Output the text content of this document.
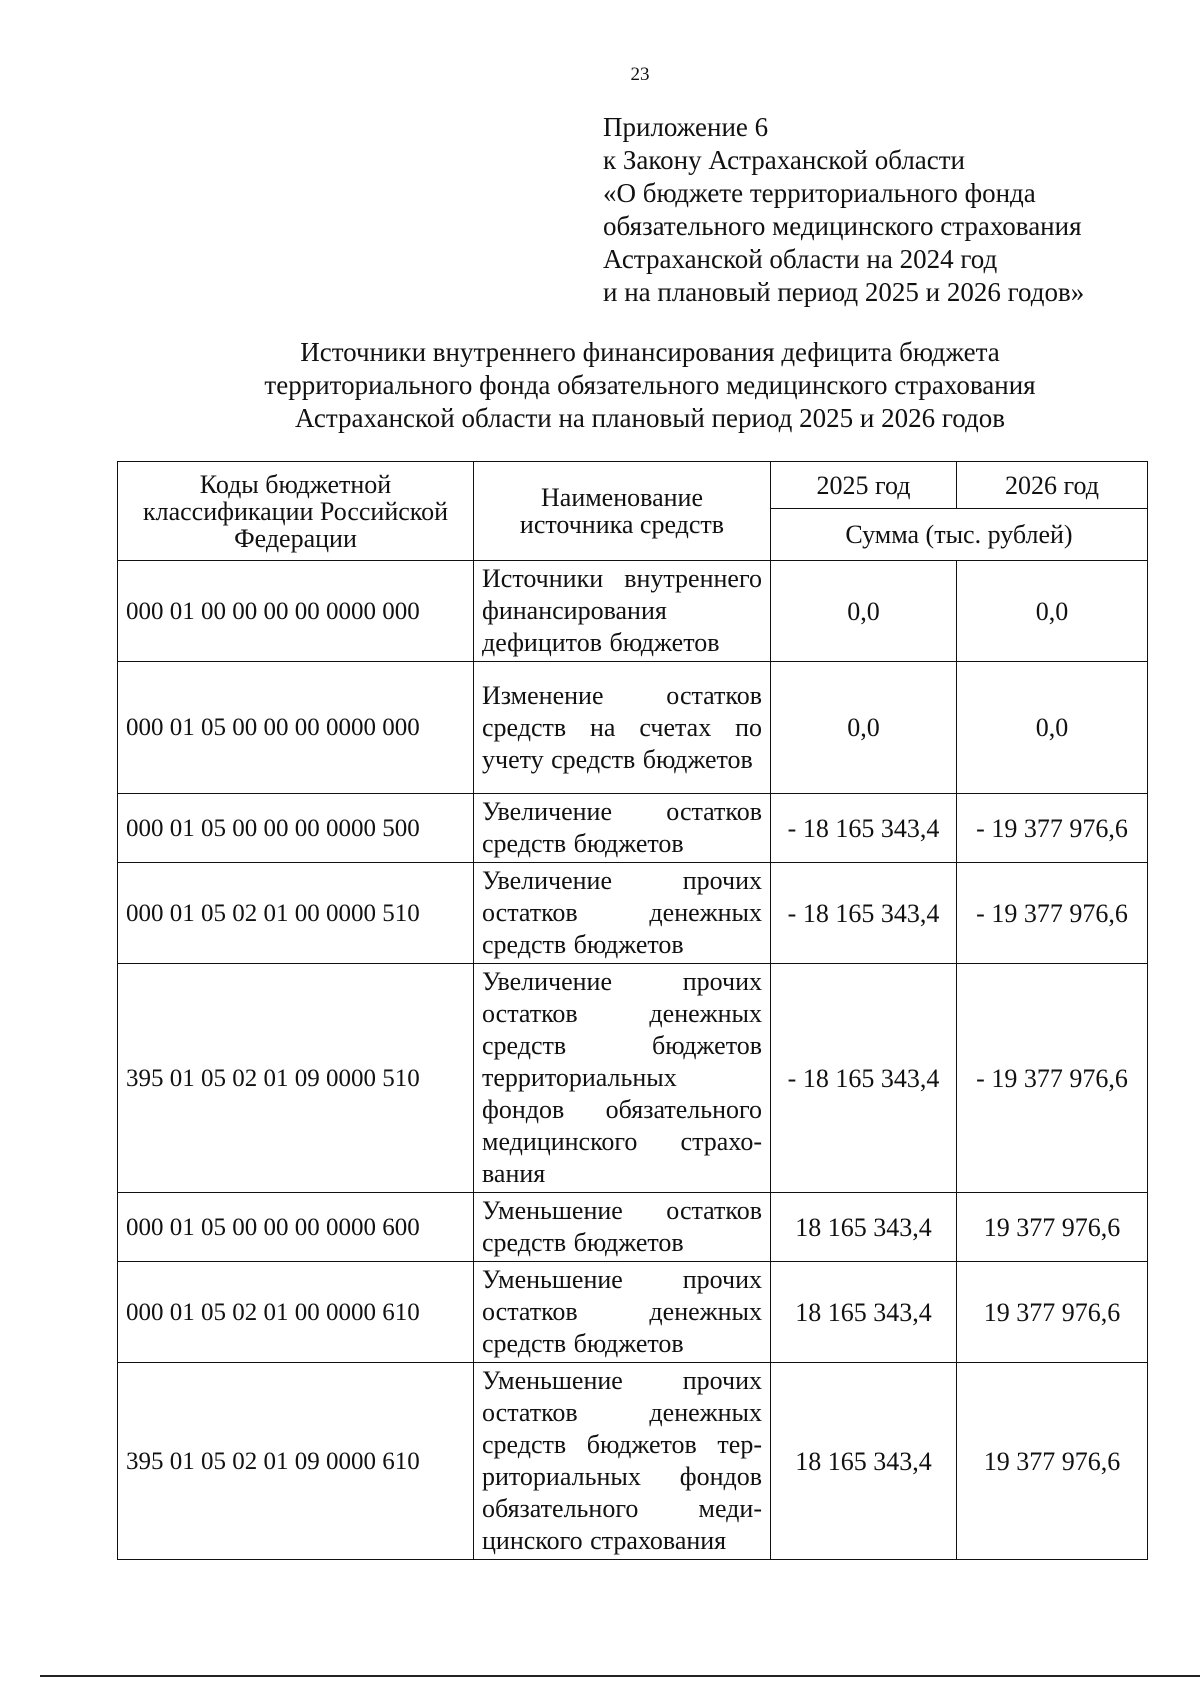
23
Приложение 6
к Закону Астраханской области
«О бюджете территориального фонда
обязательного медицинского страхования
Астраханской области на 2024 год
и на плановый период 2025 и 2026 годов»
Источники внутреннего финансирования дефицита бюджета
территориального фонда обязательного медицинского страхования
Астраханской области на плановый период 2025 и 2026 годов
Коды бюджетной классификации Российской Федерации	Наименование источника средств	2025 год	2026 год
		Сумма (тыс. рублей)	
000 01 00 00 00 00 0000 000	Источники внутреннего финансирования дефицитов бюджетов	0,0	0,0
000 01 05 00 00 00 0000 000	Изменение остатков средств на счетах по учету средств бюджетов	0,0	0,0
000 01 05 00 00 00 0000 500	Увеличение остатков средств бюджетов	- 18 165 343,4	- 19 377 976,6
000 01 05 02 01 00 0000 510	Увеличение прочих остатков денежных средств бюджетов	- 18 165 343,4	- 19 377 976,6
395 01 05 02 01 09 0000 510	Увеличение прочих остатков денежных средств бюджетов территориальных фондов обязательного медицинского страхования	- 18 165 343,4	- 19 377 976,6
000 01 05 00 00 00 0000 600	Уменьшение остатков средств бюджетов	18 165 343,4	19 377 976,6
000 01 05 02 01 00 0000 610	Уменьшение прочих остатков денежных средств бюджетов	18 165 343,4	19 377 976,6
395 01 05 02 01 09 0000 610	Уменьшение прочих остатков денежных средств бюджетов территориальных фондов обязательного медицинского страхования	18 165 343,4	19 377 976,6
